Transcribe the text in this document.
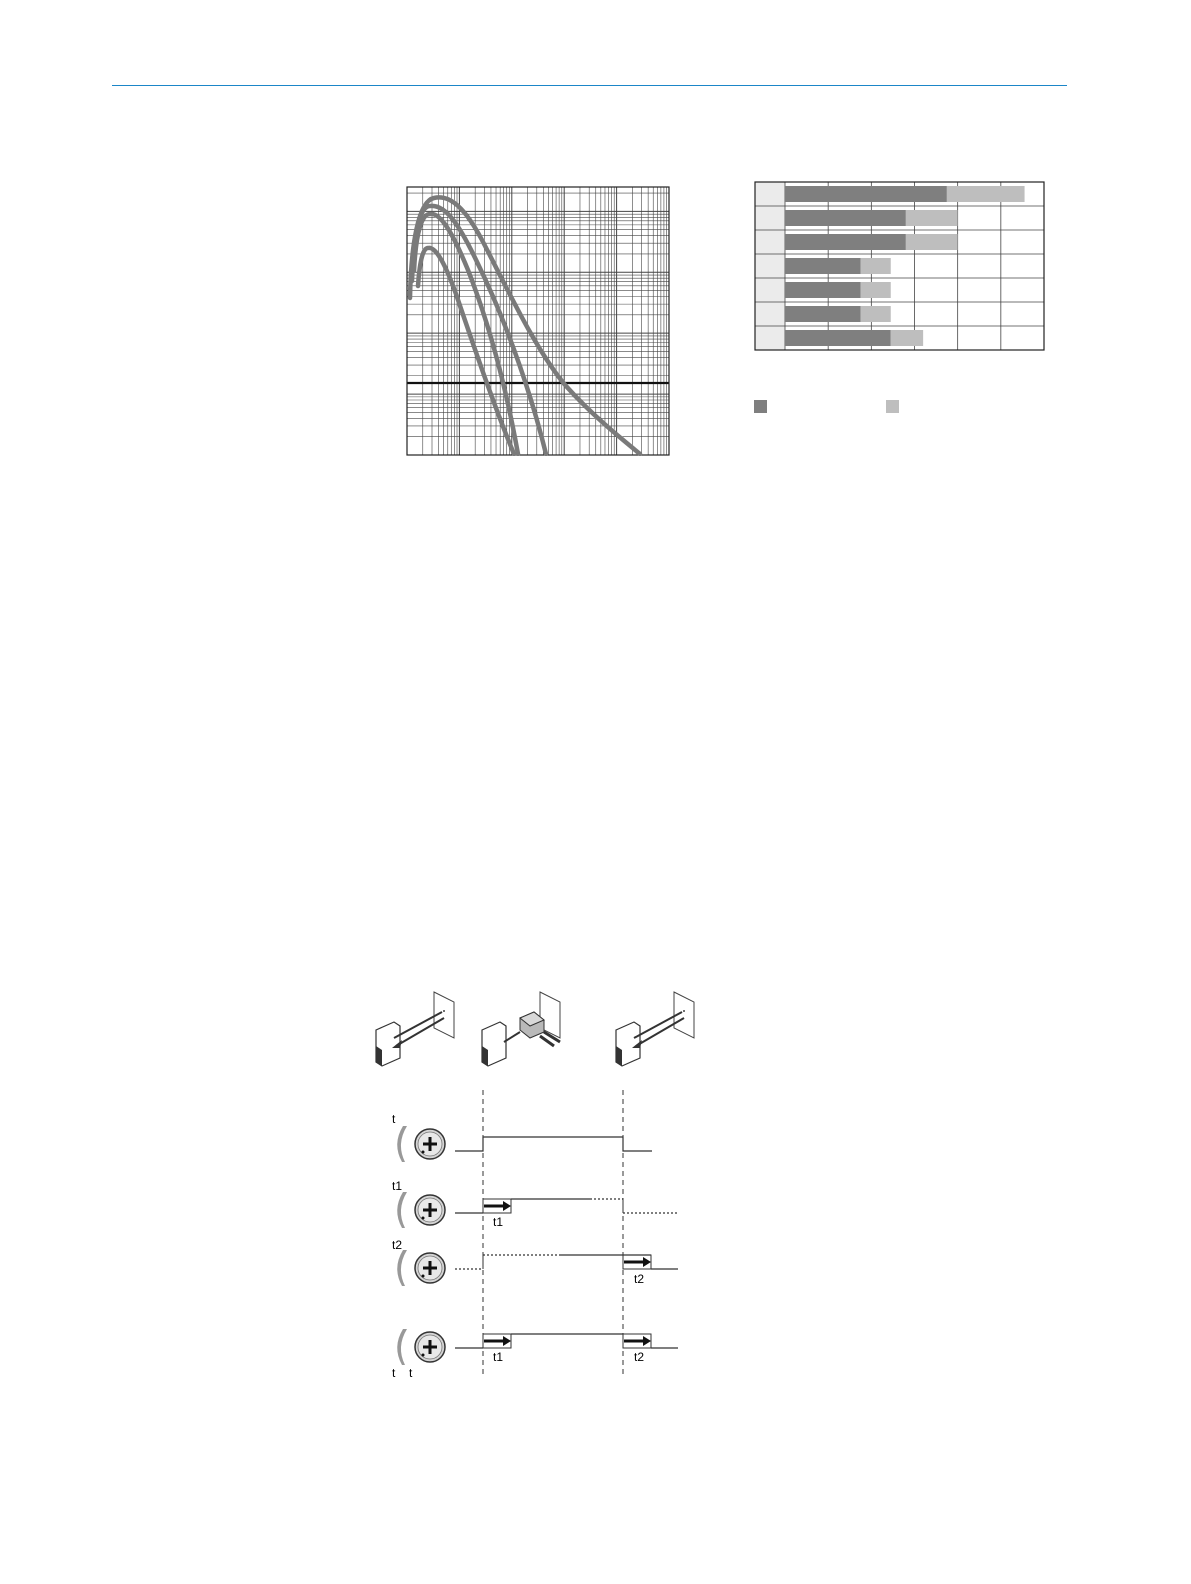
t
t1
t2
t1
t2
t1	t2
t t
